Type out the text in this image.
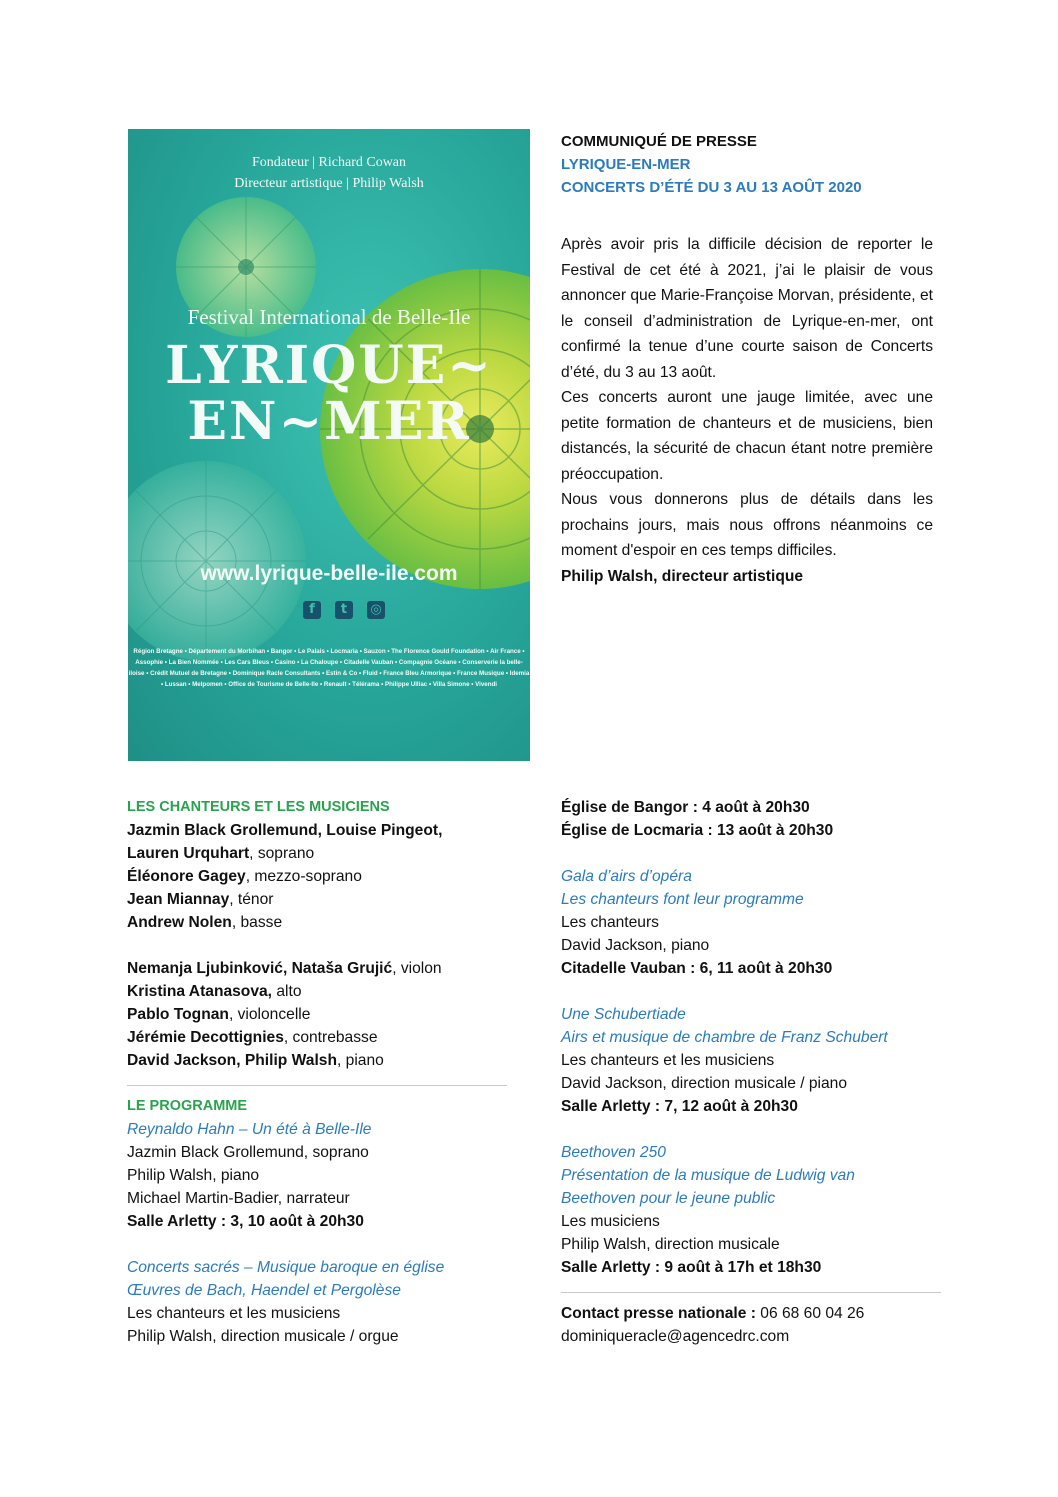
Fondateur | Richard Cowan
Directeur artistique | Philip Walsh
Festival International de Belle-Ile
LYRIQUE~
EN~MER
www.lyrique-belle-ile.com
f	t	◎
Région Bretagne • Département du Morbihan • Bangor • Le Palais • Locmaria • Sauzon • The Florence Gould Foundation • Air France • Assophie • La Bien Nommée • Les Cars Bleus • Casino • La Chaloupe • Citadelle Vauban • Compagnie Océane • Conserverie la belle-iloise • Crédit Mutuel de Bretagne • Dominique Racle Consultants • Estin & Co • Fluid • France Bleu Armorique • France Musique • Idemia • Lussan • Melpomen • Office de Tourisme de Belle-Ile • Renault • Télérama • Philippe Ulliac • Villa Simone • Vivendi
COMMUNIQUÉ DE PRESSE
LYRIQUE-EN-MER
CONCERTS D’ÉTÉ DU 3 AU 13 AOÛT 2020

Après avoir pris la difficile décision de reporter le Festival de cet été à 2021, j’ai le plaisir de vous annoncer que Marie-Françoise Morvan, présidente, et le conseil d’administration de Lyrique-en-mer, ont confirmé la tenue d’une courte saison de Concerts d’été, du 3 au 13 août.

Ces concerts auront une jauge limitée, avec une petite formation de chanteurs et de musiciens, bien distancés, la sécurité de chacun étant notre première préoccupation.

Nous vous donnerons plus de détails dans les prochains jours, mais nous offrons néanmoins ce moment d'espoir en ces temps difficiles.

Philip Walsh, directeur artistique

LES CHANTEURS ET LES MUSICIENS
Jazmin Black Grollemund, Louise Pingeot,
Lauren Urquhart, soprano
Éléonore Gagey, mezzo-soprano
Jean Miannay, ténor
Andrew Nolen, basse
Nemanja Ljubinković, Nataša Grujić, violon
Kristina Atanasova, alto
Pablo Tognan, violoncelle
Jérémie Decottignies, contrebasse
David Jackson, Philip Walsh, piano
LE PROGRAMME
Reynaldo Hahn – Un été à Belle-Ile
Jazmin Black Grollemund, soprano
Philip Walsh, piano
Michael Martin-Badier, narrateur
Salle Arletty : 3, 10 août à 20h30
Concerts sacrés – Musique baroque en église
Œuvres de Bach, Haendel et Pergolèse
Les chanteurs et les musiciens
Philip Walsh, direction musicale / orgue
Église de Bangor : 4 août à 20h30
Église de Locmaria : 13 août à 20h30
Gala d’airs d’opéra
Les chanteurs font leur programme
Les chanteurs
David Jackson, piano
Citadelle Vauban : 6, 11 août à 20h30
Une Schubertiade
Airs et musique de chambre de Franz Schubert
Les chanteurs et les musiciens
David Jackson, direction musicale / piano
Salle Arletty : 7, 12 août à 20h30
Beethoven 250
Présentation de la musique de Ludwig van
Beethoven pour le jeune public
Les musiciens
Philip Walsh, direction musicale
Salle Arletty : 9 août à 17h et 18h30
Contact presse nationale : 06 68 60 04 26
dominiqueracle@agencedrc.com
